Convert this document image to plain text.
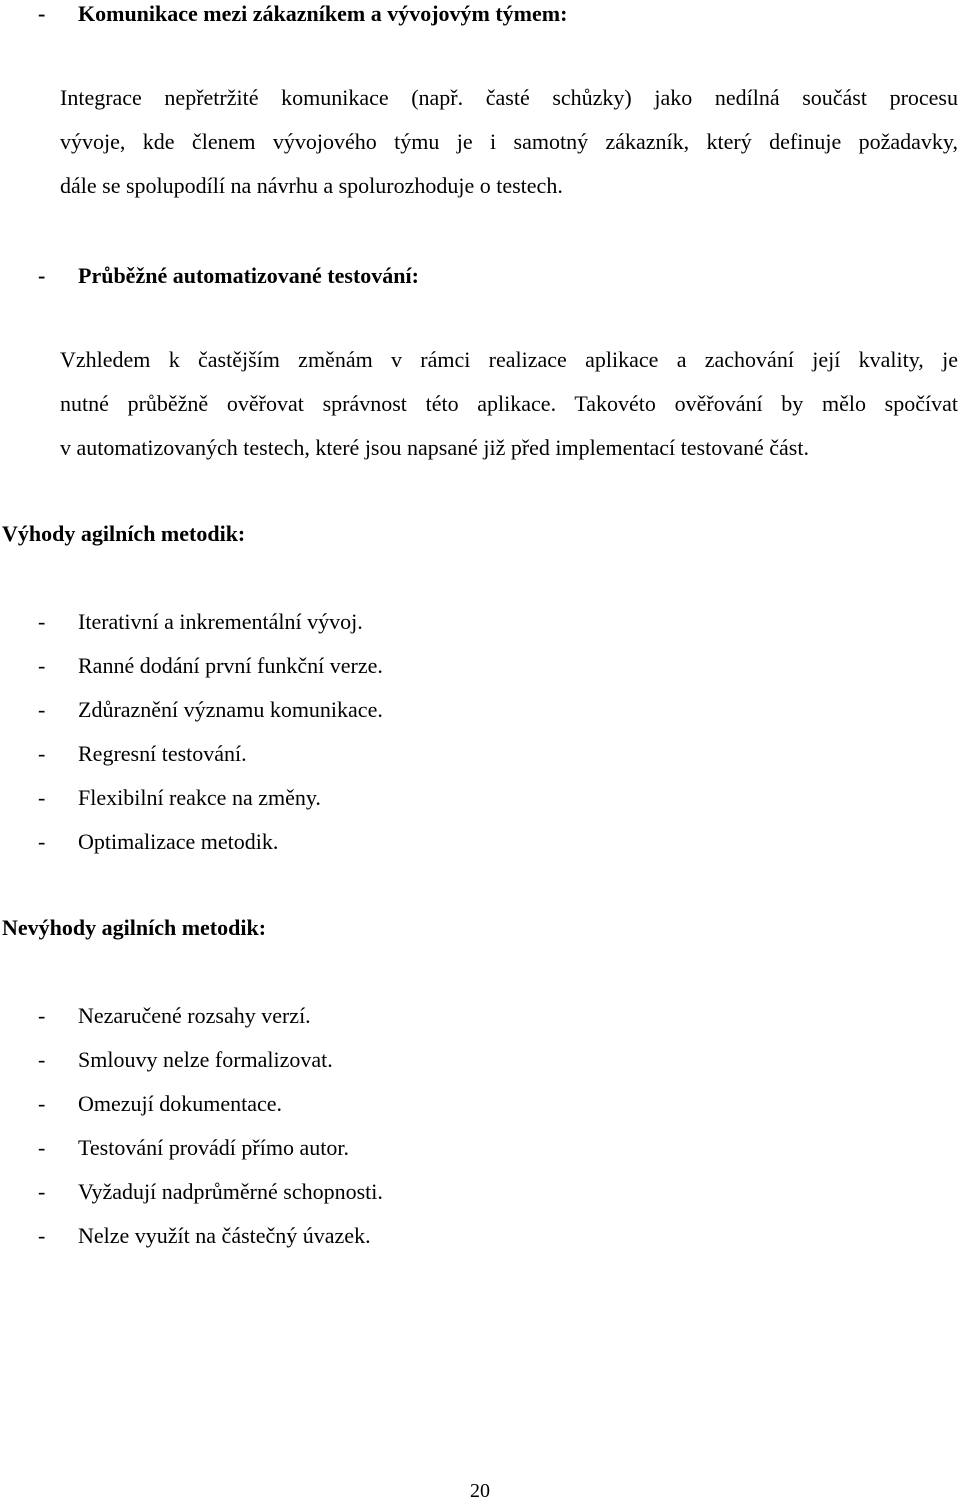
- Komunikace mezi zákazníkem a vývojovým týmem:
Integrace nepřetržité komunikace (např. časté schůzky) jako nedílná součást procesu
vývoje, kde členem vývojového týmu je i samotný zákazník, který definuje požadavky,
dále se spolupodílí na návrhu a spolurozhoduje o testech.
- Průběžné automatizované testování:
Vzhledem k častějším změnám v rámci realizace aplikace a zachování její kvality, je
nutné průběžně ověřovat správnost této aplikace. Takovéto ověřování by mělo spočívat
v automatizovaných testech, které jsou napsané již před implementací testované část.
Výhody agilních metodik:
- Iterativní a inkrementální vývoj.
- Ranné dodání první funkční verze.
- Zdůraznění významu komunikace.
- Regresní testování.
- Flexibilní reakce na změny.
- Optimalizace metodik.
Nevýhody agilních metodik:
- Nezaručené rozsahy verzí.
- Smlouvy nelze formalizovat.
- Omezují dokumentace.
- Testování provádí přímo autor.
- Vyžadují nadprůměrné schopnosti.
- Nelze využít na částečný úvazek.
20
